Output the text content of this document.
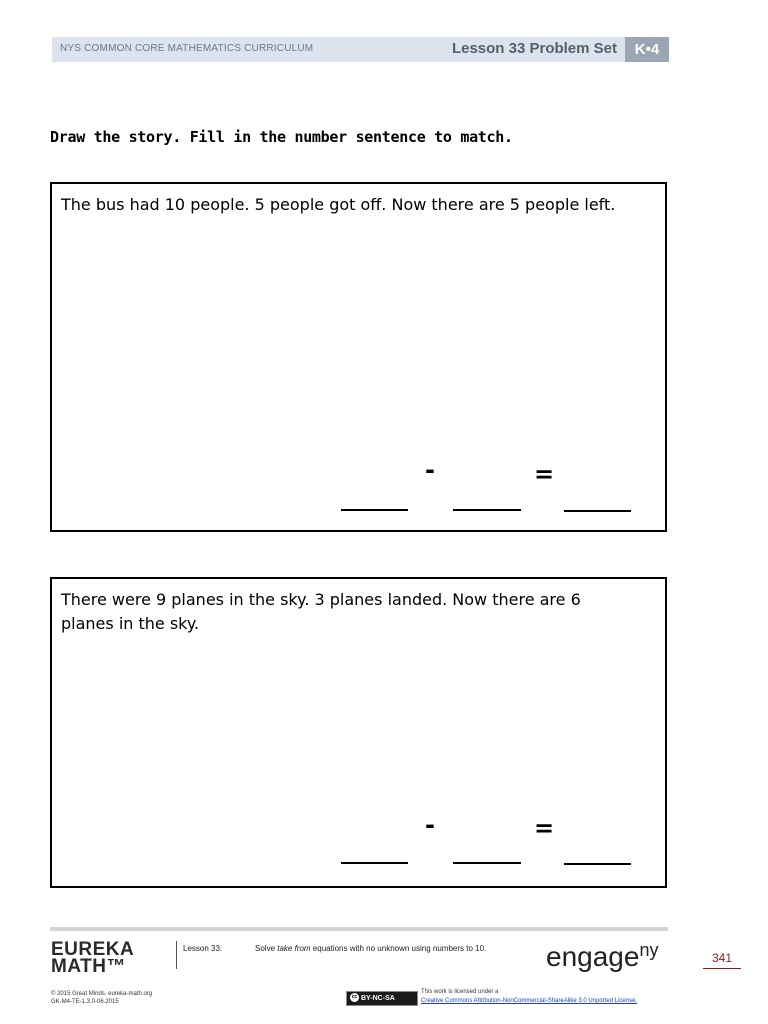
NYS COMMON CORE MATHEMATICS CURRICULUM	Lesson 33 Problem Set	K•4
Draw the story. Fill in the number sentence to match.
The bus had 10 people. 5 people got off. Now there are 5 people left.
-	=
There were 9 planes in the sky. 3 planes landed. Now there are 6 planes in the sky.
-	=
EUREKA
MATH™
Lesson 33:	Solve take from equations with no unknown using numbers to 10. engage$^{ny}$	341
© 2015 Great Minds. eureka-math.org
GK-M4-TE-1.3.0-06.2015
cc BY-NC-SA
This work is licensed under a
Creative Commons Attribution-NonCommercial-ShareAlike 3.0 Unported License.
